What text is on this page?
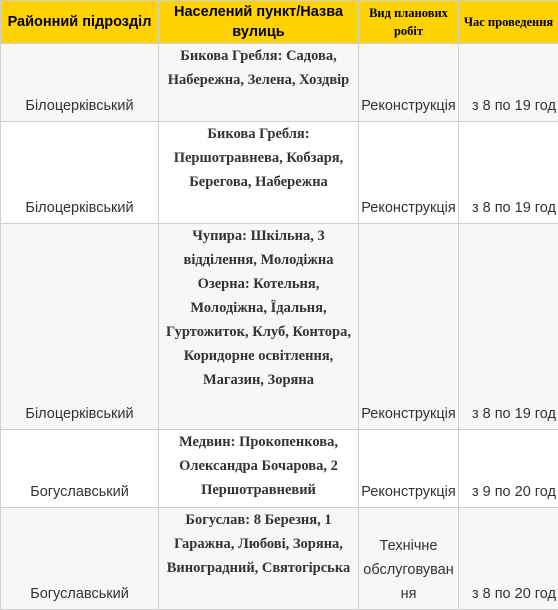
Районний підрозділ	Населений пункт/Назва вулиць	Вид планових робіт	Час проведення
Білоцерківський	Бикова Гребля: Садова, Набережна, Зелена, Хоздвір	Реконструкція	з 8 по 19 год
Білоцерківський	Бикова Гребля: Першотравнева, Кобзаря, Берегова, Набережна	Реконструкція	з 8 по 19 год
Білоцерківський	Чупира: Шкільна, 3 відділення, Молодіжна Озерна: Котельня, Молодіжна, Їдальня, Гуртожиток, Клуб, Контора, Коридорне освітлення, Магазин, Зоряна	Реконструкція	з 8 по 19 год
Богуславський	Медвин: Прокопенкова, Олександра Бочарова, 2 Першотравневий	Реконструкція	з 9 по 20 год
Богуславський	Богуслав: 8 Березня, 1 Гаражна, Любові, Зоряна, Виноградний, Святогірська	Технічне обслуговування	з 8 по 20 год
